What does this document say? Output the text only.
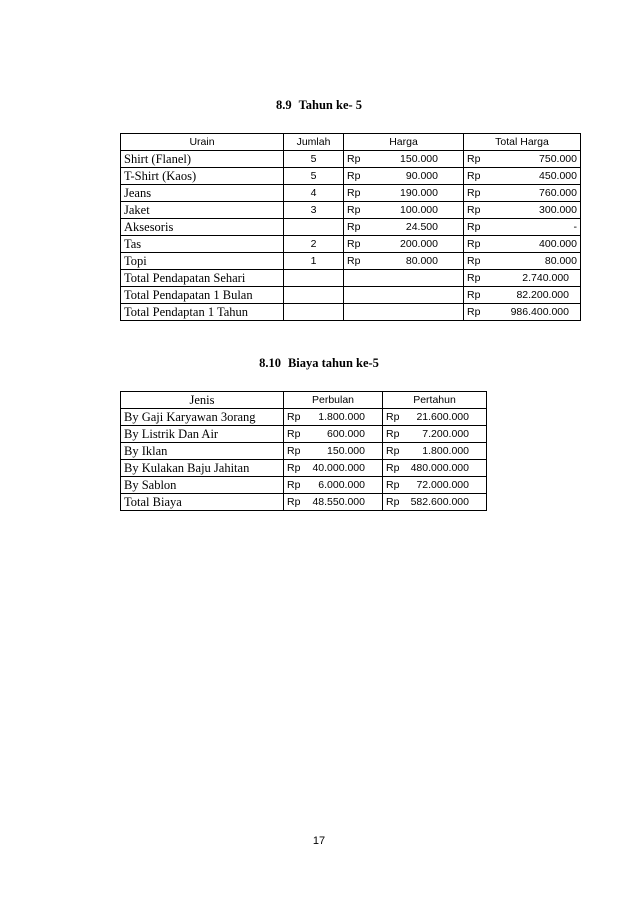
8.9 Tahun ke- 5
Urain	Jumlah	Harga	Total Harga
Shirt (Flanel)	5	Rp 150.000	Rp 750.000

T-Shirt (Kaos)	5	Rp 90.000	Rp 450.000

Jeans	4	Rp 190.000	Rp 760.000

Jaket	3	Rp 100.000	Rp 300.000

Aksesoris		Rp 24.500	Rp -

Tas	2	Rp 200.000	Rp 400.000

Topi	1	Rp 80.000	Rp 80.000

Total Pendapatan Sehari			Rp 2.740.000

Total Pendapatan 1 Bulan			Rp 82.200.000

Total Pendaptan 1 Tahun			Rp 986.400.000
8.10 Biaya tahun ke-5
Jenis	Perbulan	Pertahun
By Gaji Karyawan 3orang	Rp 1.800.000	Rp 21.600.000

By Listrik Dan Air	Rp 600.000	Rp 7.200.000

By Iklan	Rp 150.000	Rp 1.800.000

By Kulakan Baju Jahitan	Rp 40.000.000	Rp 480.000.000

By Sablon	Rp 6.000.000	Rp 72.000.000

Total Biaya	Rp 48.550.000	Rp 582.600.000
17
